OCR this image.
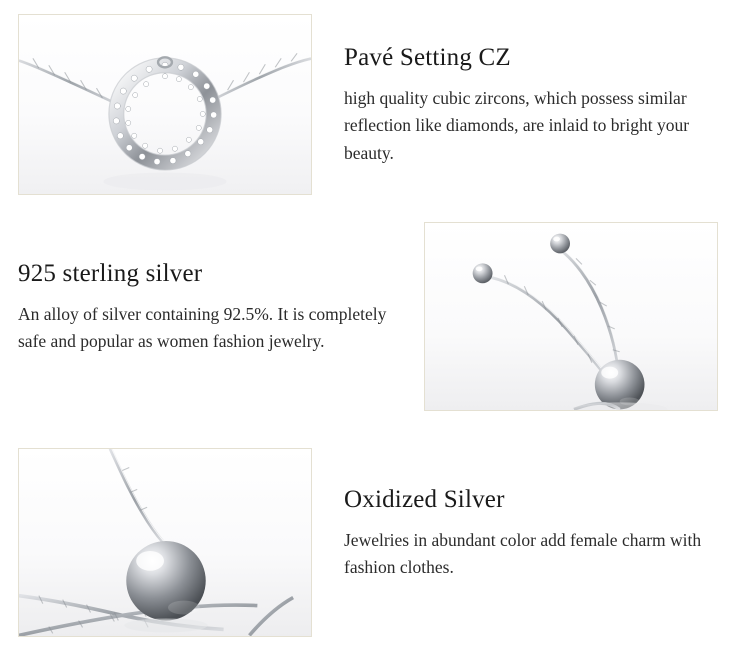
Pavé Setting CZ

high quality cubic zircons, which possess similar reflection like diamonds, are inlaid to bright your beauty.

925 sterling silver

An alloy of silver containing 92.5%. It is completely safe and popular as women fashion jewelry.

Oxidized Silver

Jewelries in abundant color add female charm with fashion clothes.
